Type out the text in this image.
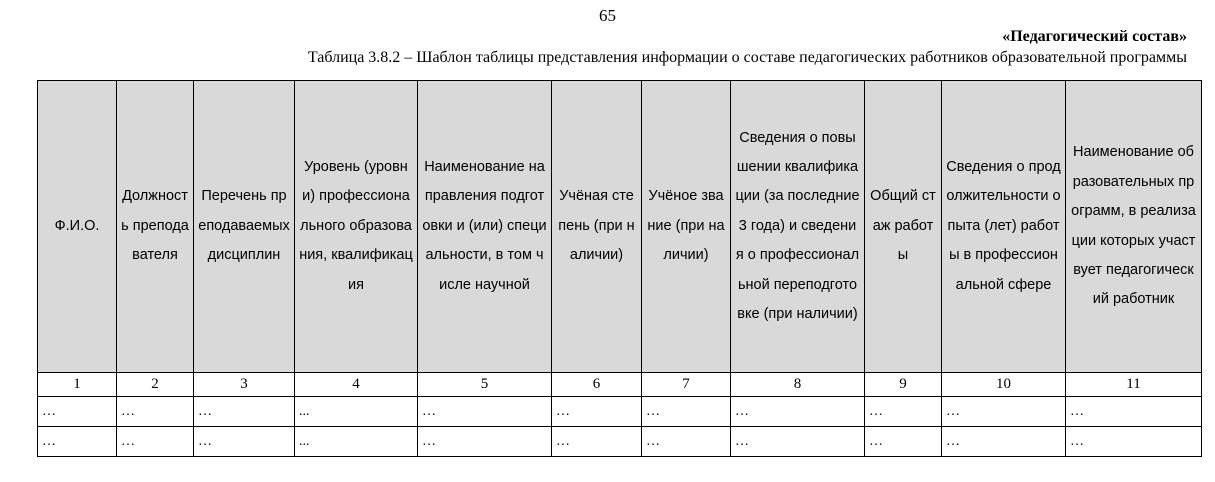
65
«Педагогический состав»
Таблица 3.8.2 – Шаблон таблицы представления информации о составе педагогических работников образовательной программы
Ф.И.О.	Должность преподавателя	Перечень преподаваемых дисциплин	Уровень (уровни) профессионального образования, квалификация	Наименование направления подготовки и (или) специальности, в том числе научной	Учёная степень (при наличии)	Учёное звание (при наличии)	Сведения о повышении квалификации (за последние 3 года) и сведения о профессиональной переподготовке (при наличии)	Общий стаж работы	Сведения о продолжительности опыта (лет) работы в профессиональной сфере	Наименование образовательных программ, в реализации которых участвует педагогический работник
1	2	3	4	5	6	7	8	9	10	11
…	…	…	...	…	…	…	…	…	…	…
…	…	…	...	…	…	…	…	…	…	…
